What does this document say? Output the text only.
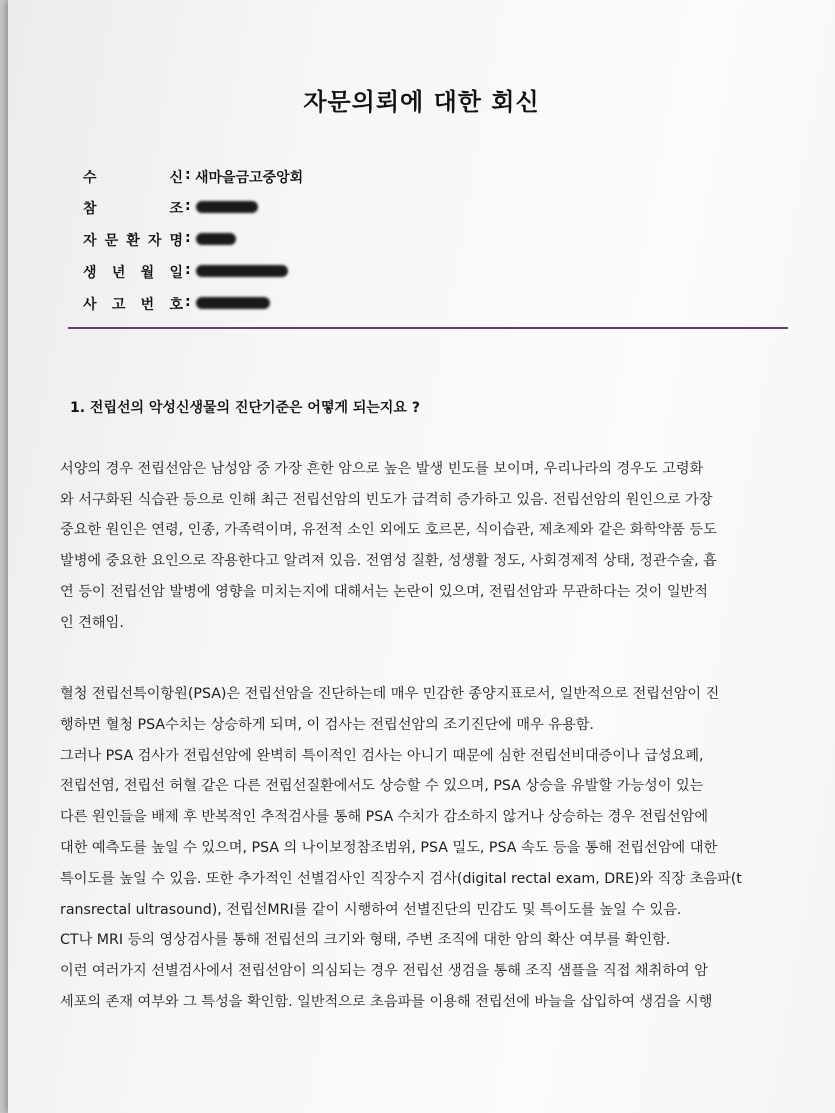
자문의뢰에 대한 회신
수	신 : 새마을금고중앙회
참	조 :
자 문 환 자 명 :
생 년 월 일 :
사 고 번 호 :
1. 전립선의 악성신생물의 진단기준은 어떻게 되는지요 ?
서양의 경우 전립선암은 남성암 중 가장 흔한 암으로 높은 발생 빈도를 보이며, 우리나라의 경우도 고령화
와 서구화된 식습관 등으로 인해 최근 전립선암의 빈도가 급격히 증가하고 있음. 전립선암의 원인으로 가장
중요한 원인은 연령, 인종, 가족력이며, 유전적 소인 외에도 호르몬, 식이습관, 제초제와 같은 화학약품 등도
발병에 중요한 요인으로 작용한다고 알려져 있음. 전염성 질환, 성생활 정도, 사회경제적 상태, 정관수술, 흡
연 등이 전립선암 발병에 영향을 미치는지에 대해서는 논란이 있으며, 전립선암과 무관하다는 것이 일반적
인 견해임.
혈청 전립선특이항원(PSA)은 전립선암을 진단하는데 매우 민감한 종양지표로서, 일반적으로 전립선암이 진
행하면 혈청 PSA수치는 상승하게 되며, 이 검사는 전립선암의 조기진단에 매우 유용함.
그러나 PSA 검사가 전립선암에 완벽히 특이적인 검사는 아니기 때문에 심한 전립선비대증이나 급성요폐,
전립선염, 전립선 허혈 같은 다른 전립선질환에서도 상승할 수 있으며, PSA 상승을 유발할 가능성이 있는
다른 원인들을 배제 후 반복적인 추적검사를 통해 PSA 수치가 감소하지 않거나 상승하는 경우 전립선암에
대한 예측도를 높일 수 있으며, PSA 의 나이보정참조범위, PSA 밀도, PSA 속도 등을 통해 전립선암에 대한
특이도를 높일 수 있음. 또한 추가적인 선별검사인 직장수지 검사(digital rectal exam, DRE)와 직장 초음파(t
ransrectal ultrasound), 전립선MRI를 같이 시행하여 선별진단의 민감도 및 특이도를 높일 수 있음.
CT나 MRI 등의 영상검사를 통해 전립선의 크기와 형태, 주변 조직에 대한 암의 확산 여부를 확인함.
이런 여러가지 선별검사에서 전립선암이 의심되는 경우 전립선 생검을 통해 조직 샘플을 직접 채취하여 암
세포의 존재 여부와 그 특성을 확인함. 일반적으로 초음파를 이용해 전립선에 바늘을 삽입하여 생검을 시행
